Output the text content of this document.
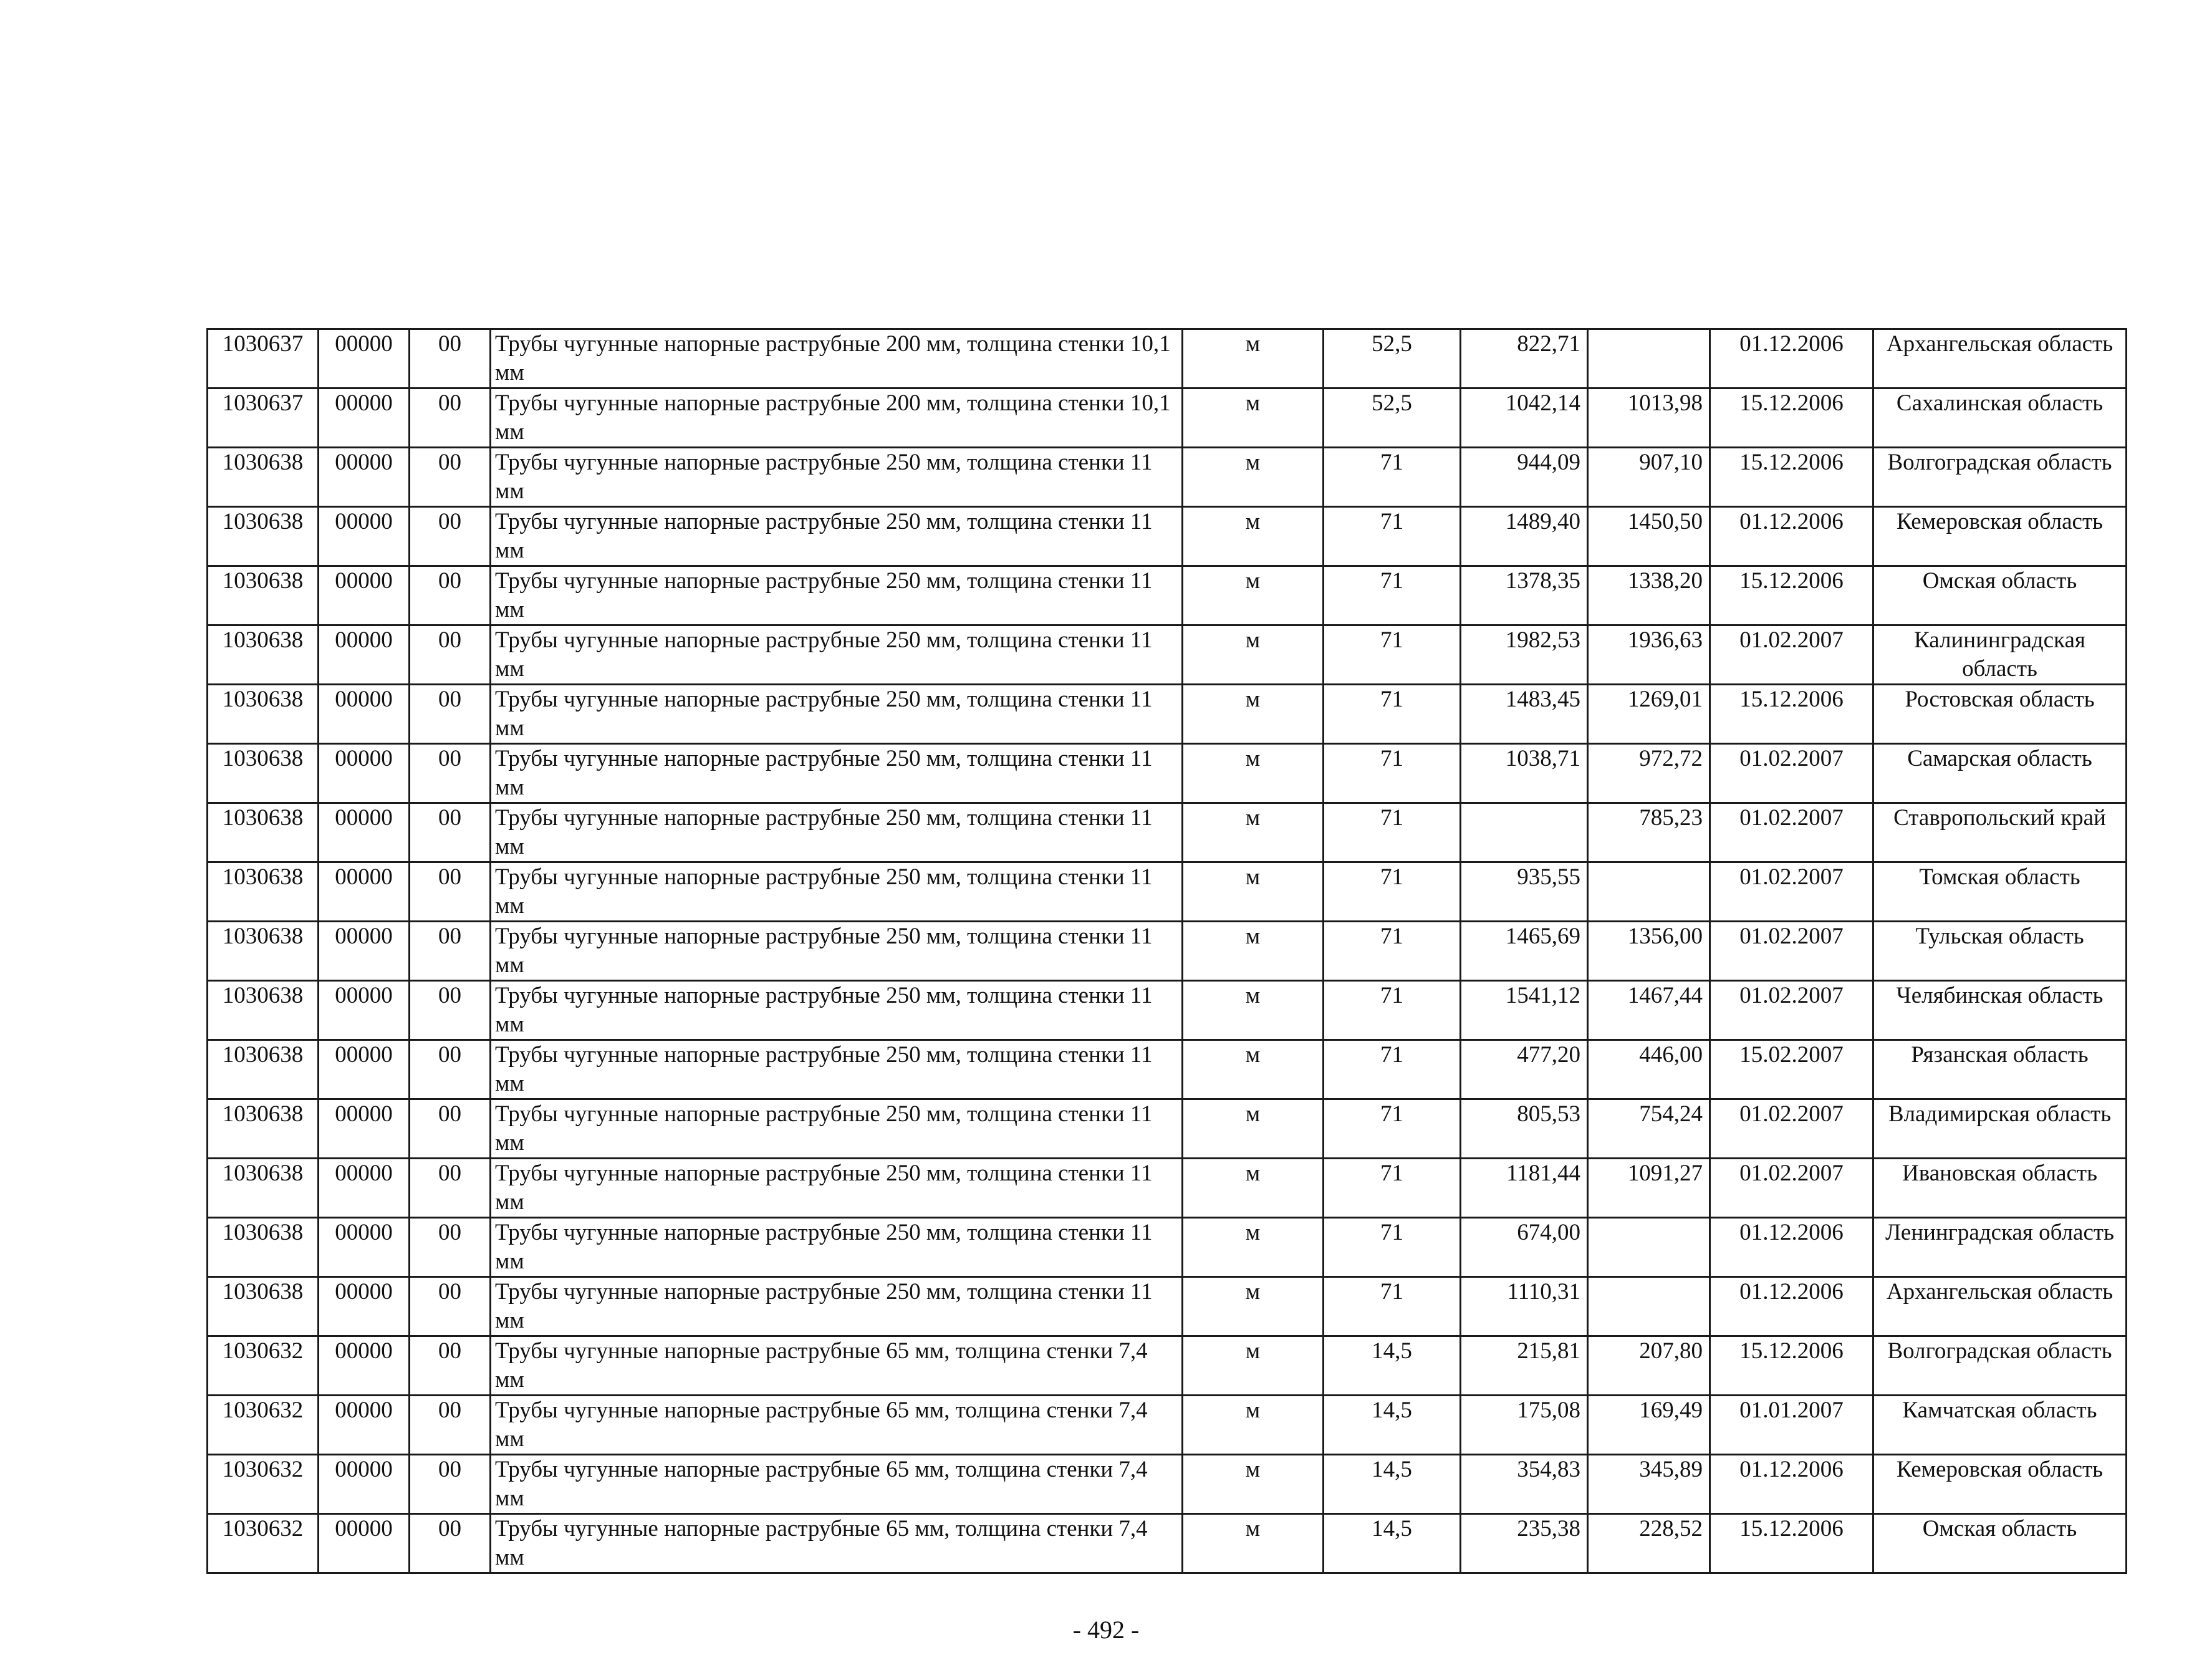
1030637	00000	00	Трубы чугунные напорные раструбные 200 мм, толщина стенки 10,1 мм	м	52,5	822,71		01.12.2006	Архангельская область
1030637	00000	00	Трубы чугунные напорные раструбные 200 мм, толщина стенки 10,1 мм	м	52,5	1042,14	1013,98	15.12.2006	Сахалинская область
1030638	00000	00	Трубы чугунные напорные раструбные 250 мм, толщина стенки 11 мм	м	71	944,09	907,10	15.12.2006	Волгоградская область
1030638	00000	00	Трубы чугунные напорные раструбные 250 мм, толщина стенки 11 мм	м	71	1489,40	1450,50	01.12.2006	Кемеровская область
1030638	00000	00	Трубы чугунные напорные раструбные 250 мм, толщина стенки 11 мм	м	71	1378,35	1338,20	15.12.2006	Омская область
1030638	00000	00	Трубы чугунные напорные раструбные 250 мм, толщина стенки 11 мм	м	71	1982,53	1936,63	01.02.2007	Калининградская область
1030638	00000	00	Трубы чугунные напорные раструбные 250 мм, толщина стенки 11 мм	м	71	1483,45	1269,01	15.12.2006	Ростовская область
1030638	00000	00	Трубы чугунные напорные раструбные 250 мм, толщина стенки 11 мм	м	71	1038,71	972,72	01.02.2007	Самарская область
1030638	00000	00	Трубы чугунные напорные раструбные 250 мм, толщина стенки 11 мм	м	71		785,23	01.02.2007	Ставропольский край
1030638	00000	00	Трубы чугунные напорные раструбные 250 мм, толщина стенки 11 мм	м	71	935,55		01.02.2007	Томская область
1030638	00000	00	Трубы чугунные напорные раструбные 250 мм, толщина стенки 11 мм	м	71	1465,69	1356,00	01.02.2007	Тульская область
1030638	00000	00	Трубы чугунные напорные раструбные 250 мм, толщина стенки 11 мм	м	71	1541,12	1467,44	01.02.2007	Челябинская область
1030638	00000	00	Трубы чугунные напорные раструбные 250 мм, толщина стенки 11 мм	м	71	477,20	446,00	15.02.2007	Рязанская область
1030638	00000	00	Трубы чугунные напорные раструбные 250 мм, толщина стенки 11 мм	м	71	805,53	754,24	01.02.2007	Владимирская область
1030638	00000	00	Трубы чугунные напорные раструбные 250 мм, толщина стенки 11 мм	м	71	1181,44	1091,27	01.02.2007	Ивановская область
1030638	00000	00	Трубы чугунные напорные раструбные 250 мм, толщина стенки 11 мм	м	71	674,00		01.12.2006	Ленинградская область
1030638	00000	00	Трубы чугунные напорные раструбные 250 мм, толщина стенки 11 мм	м	71	1110,31		01.12.2006	Архангельская область
1030632	00000	00	Трубы чугунные напорные раструбные 65 мм, толщина стенки 7,4 мм	м	14,5	215,81	207,80	15.12.2006	Волгоградская область
1030632	00000	00	Трубы чугунные напорные раструбные 65 мм, толщина стенки 7,4 мм	м	14,5	175,08	169,49	01.01.2007	Камчатская область
1030632	00000	00	Трубы чугунные напорные раструбные 65 мм, толщина стенки 7,4 мм	м	14,5	354,83	345,89	01.12.2006	Кемеровская область
1030632	00000	00	Трубы чугунные напорные раструбные 65 мм, толщина стенки 7,4 мм	м	14,5	235,38	228,52	15.12.2006	Омская область
- 492 -
